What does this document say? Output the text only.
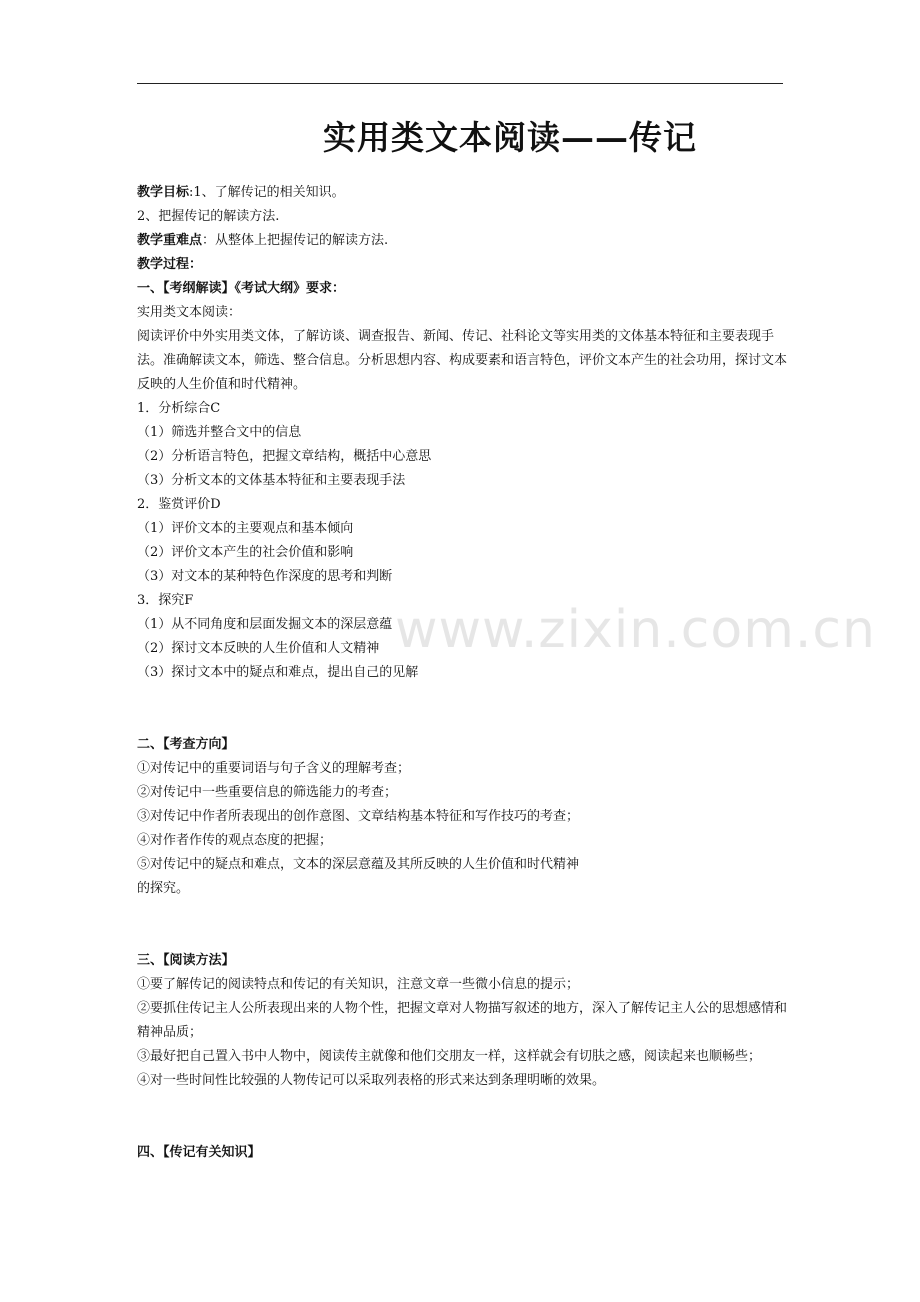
实用类文本阅读——传记
www.zixin.com.cn

教学目标:1、了解传记的相关知识。

2、把握传记的解读方法.

教学重难点：从整体上把握传记的解读方法.

教学过程：

一、【考纲解读】《考试大纲》要求：

实用类文本阅读：

阅读评价中外实用类文体，了解访谈、调查报告、新闻、传记、社科论文等实用类的文体基本特征和主要表现手法。准确解读文本，筛选、整合信息。分析思想内容、构成要素和语言特色，评价文本产生的社会功用，探讨文本反映的人生价值和时代精神。

1．分析综合C

（1）筛选并整合文中的信息

（2）分析语言特色，把握文章结构，概括中心意思

（3）分析文本的文体基本特征和主要表现手法

2．鉴赏评价D

（1）评价文本的主要观点和基本倾向

（2）评价文本产生的社会价值和影响

（3）对文本的某种特色作深度的思考和判断

3．探究F

（1）从不同角度和层面发掘文本的深层意蕴

（2）探讨文本反映的人生价值和人文精神

（3）探讨文本中的疑点和难点，提出自己的见解

二、【考查方向】

①对传记中的重要词语与句子含义的理解考查；

②对传记中一些重要信息的筛选能力的考查；

③对传记中作者所表现出的创作意图、文章结构基本特征和写作技巧的考查；

④对作者作传的观点态度的把握；

⑤对传记中的疑点和难点，文本的深层意蕴及其所反映的人生价值和时代精神

的探究。

三、【阅读方法】

①要了解传记的阅读特点和传记的有关知识，注意文章一些微小信息的提示；

②要抓住传记主人公所表现出来的人物个性，把握文章对人物描写叙述的地方，深入了解传记主人公的思想感情和精神品质；

③最好把自己置入书中人物中，阅读传主就像和他们交朋友一样，这样就会有切肤之感，阅读起来也顺畅些；

④对一些时间性比较强的人物传记可以采取列表格的形式来达到条理明晰的效果。

四、【传记有关知识】
